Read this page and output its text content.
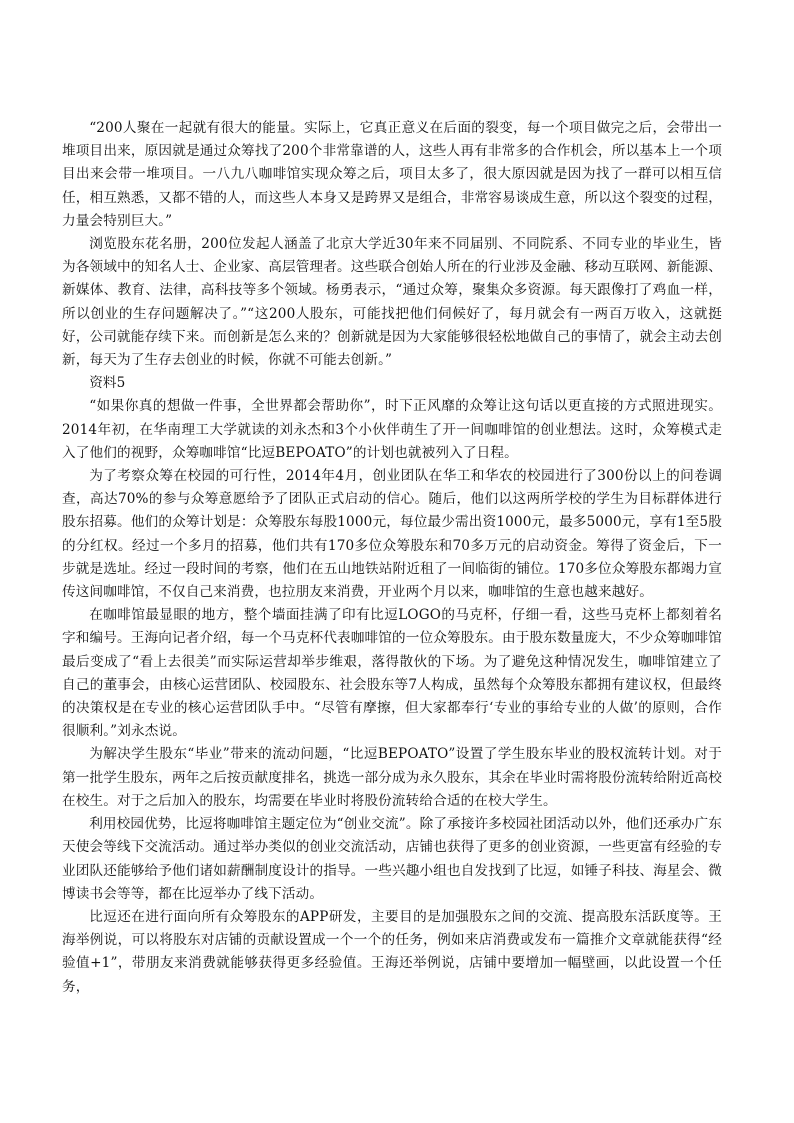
“200人聚在一起就有很大的能量。实际上，它真正意义在后面的裂变，每一个项目做完之后，会带出一堆项目出来，原因就是通过众筹找了200个非常靠谱的人，这些人再有非常多的合作机会，所以基本上一个项目出来会带一堆项目。一八九八咖啡馆实现众筹之后，项目太多了，很大原因就是因为找了一群可以相互信任，相互熟悉，又都不错的人，而这些人本身又是跨界又是组合，非常容易谈成生意，所以这个裂变的过程，力量会特别巨大。”

浏览股东花名册，200位发起人涵盖了北京大学近30年来不同届别、不同院系、不同专业的毕业生，皆为各领域中的知名人士、企业家、高层管理者。这些联合创始人所在的行业涉及金融、移动互联网、新能源、新媒体、教育、法律，高科技等多个领域。杨勇表示，“通过众筹，聚集众多资源。每天跟像打了鸡血一样，所以创业的生存问题解决了。”“这200人股东，可能找把他们伺候好了，每月就会有一两百万收入，这就挺好，公司就能存续下来。而创新是怎么来的？创新就是因为大家能够很轻松地做自己的事情了，就会主动去创新，每天为了生存去创业的时候，你就不可能去创新。”

资料5

“如果你真的想做一件事，全世界都会帮助你”，时下正风靡的众筹让这句话以更直接的方式照进现实。2014年初，在华南理工大学就读的刘永杰和3个小伙伴萌生了开一间咖啡馆的创业想法。这时，众筹模式走入了他们的视野，众筹咖啡馆“比逗BEPOATO”的计划也就被列入了日程。

为了考察众筹在校园的可行性，2014年4月，创业团队在华工和华农的校园进行了300份以上的问卷调查，高达70%的参与众筹意愿给予了团队正式启动的信心。随后，他们以这两所学校的学生为目标群体进行股东招募。他们的众筹计划是：众筹股东每股1000元，每位最少需出资1000元，最多5000元，享有1至5股的分红权。经过一个多月的招募，他们共有170多位众筹股东和70多万元的启动资金。筹得了资金后，下一步就是选址。经过一段时间的考察，他们在五山地铁站附近租了一间临街的铺位。170多位众筹股东都竭力宣传这间咖啡馆，不仅自己来消费，也拉朋友来消费，开业两个月以来，咖啡馆的生意也越来越好。

在咖啡馆最显眼的地方，整个墙面挂满了印有比逗LOGO的马克杯，仔细一看，这些马克杯上都刻着名字和编号。王海向记者介绍，每一个马克杯代表咖啡馆的一位众筹股东。由于股东数量庞大，不少众筹咖啡馆最后变成了“看上去很美”而实际运营却举步维艰，落得散伙的下场。为了避免这种情况发生，咖啡馆建立了自己的董事会，由核心运营团队、校园股东、社会股东等7人构成，虽然每个众筹股东都拥有建议权，但最终的决策权是在专业的核心运营团队手中。“尽管有摩擦，但大家都奉行‘专业的事给专业的人做’的原则，合作很顺利。”刘永杰说。

为解决学生股东“毕业”带来的流动问题，“比逗BEPOATO”设置了学生股东毕业的股权流转计划。对于第一批学生股东，两年之后按贡献度排名，挑选一部分成为永久股东，其余在毕业时需将股份流转给附近高校在校生。对于之后加入的股东，均需要在毕业时将股份流转给合适的在校大学生。

利用校园优势，比逗将咖啡馆主题定位为“创业交流”。除了承接许多校园社团活动以外，他们还承办广东天使会等线下交流活动。通过举办类似的创业交流活动，店铺也获得了更多的创业资源，一些更富有经验的专业团队还能够给予他们诸如薪酬制度设计的指导。一些兴趣小组也自发找到了比逗，如锤子科技、海星会、微博读书会等等，都在比逗举办了线下活动。

比逗还在进行面向所有众筹股东的APP研发，主要目的是加强股东之间的交流、提高股东活跃度等。王海举例说，可以将股东对店铺的贡献设置成一个一个的任务，例如来店消费或发布一篇推介文章就能获得“经验值+1”，带朋友来消费就能够获得更多经验值。王海还举例说，店铺中要增加一幅壁画，以此设置一个任务，
